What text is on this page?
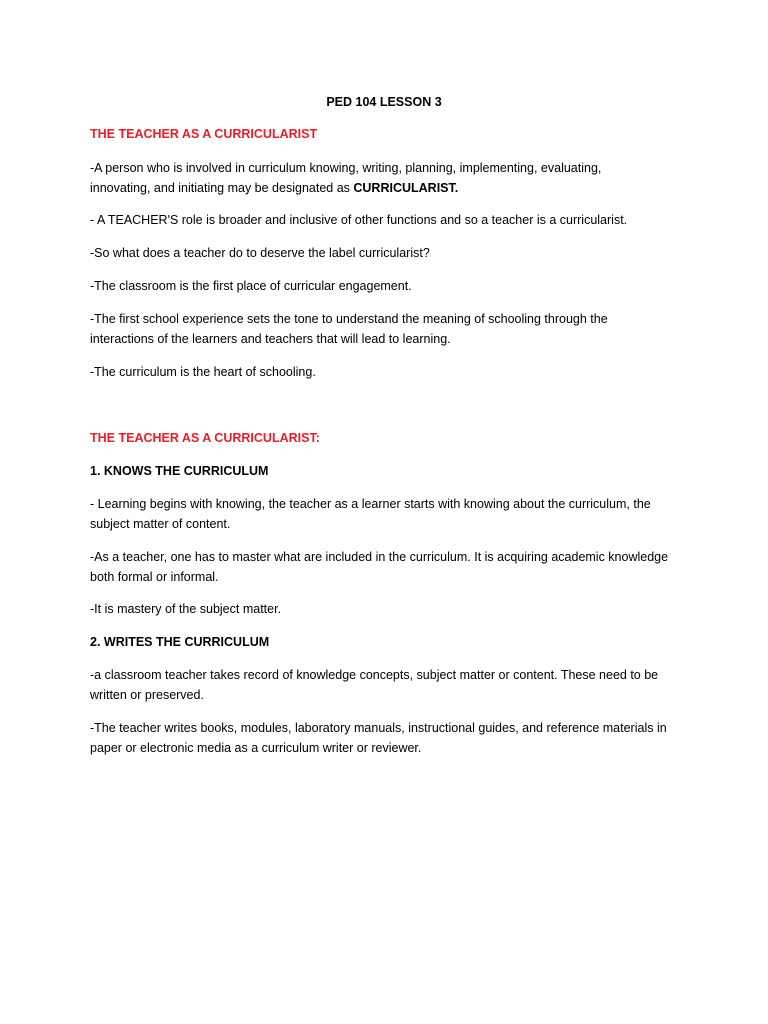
PED 104 LESSON 3

THE TEACHER AS A CURRICULARIST

-A person who is involved in curriculum knowing, writing, planning, implementing, evaluating,
innovating, and initiating may be designated as CURRICULARIST.

- A TEACHER'S role is broader and inclusive of other functions and so a teacher is a curricularist.

-So what does a teacher do to deserve the label curricularist?

-The classroom is the first place of curricular engagement.

-The first school experience sets the tone to understand the meaning of schooling through the
interactions of the learners and teachers that will lead to learning.

-The curriculum is the heart of schooling.

THE TEACHER AS A CURRICULARIST:

1. KNOWS THE CURRICULUM

- Learning begins with knowing, the teacher as a learner starts with knowing about the curriculum, the
subject matter of content.
-As a teacher, one has to master what are included in the curriculum. It is acquiring academic knowledge
both formal or informal.

-It is mastery of the subject matter.

2. WRITES THE CURRICULUM

-a classroom teacher takes record of knowledge concepts, subject matter or content. These need to be
written or preserved.
-The teacher writes books, modules, laboratory manuals, instructional guides, and reference materials in
paper or electronic media as a curriculum writer or reviewer.
